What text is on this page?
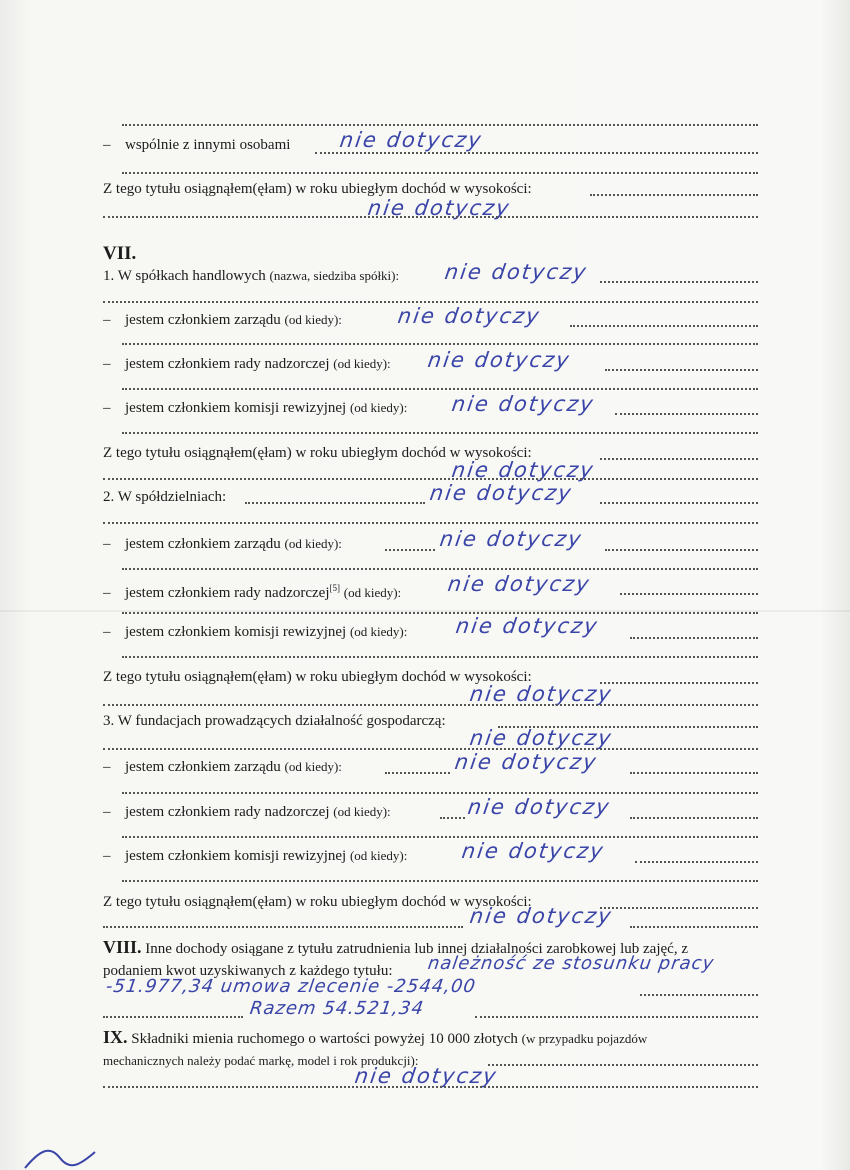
– wspólnie z innymi osobami	nie dotyczy
Z tego tytułu osiągnąłem(ęłam) w roku ubiegłym dochód w wysokości:
nie dotyczy
VII.
1. W spółkach handlowych (nazwa, siedziba spółki):	nie dotyczy
– jestem członkiem zarządu (od kiedy):	nie dotyczy
– jestem członkiem rady nadzorczej (od kiedy):	nie dotyczy
– jestem członkiem komisji rewizyjnej (od kiedy):	nie dotyczy
Z tego tytułu osiągnąłem(ęłam) w roku ubiegłym dochód w wysokości:
nie dotyczy
2. W spółdzielniach:	nie dotyczy
– jestem członkiem zarządu (od kiedy):	nie dotyczy
– jestem członkiem rady nadzorczej[5] (od kiedy):	nie dotyczy
– jestem członkiem komisji rewizyjnej (od kiedy):	nie dotyczy
Z tego tytułu osiągnąłem(ęłam) w roku ubiegłym dochód w wysokości:
nie dotyczy
3. W fundacjach prowadzących działalność gospodarczą:
nie dotyczy
– jestem członkiem zarządu (od kiedy):	nie dotyczy
– jestem członkiem rady nadzorczej (od kiedy):	nie dotyczy
– jestem członkiem komisji rewizyjnej (od kiedy):	nie dotyczy
Z tego tytułu osiągnąłem(ęłam) w roku ubiegłym dochód w wysokości:
nie dotyczy
VIII. Inne dochody osiągane z tytułu zatrudnienia lub innej działalności zarobkowej lub zajęć, z
podaniem kwot uzyskiwanych z każdego tytułu:	należność ze stosunku pracy
-51.977,34 umowa zlecenie -2544,00
Razem 54.521,34
IX. Składniki mienia ruchomego o wartości powyżej 10 000 złotych (w przypadku pojazdów
mechanicznych należy podać markę, model i rok produkcji):
nie dotyczy
